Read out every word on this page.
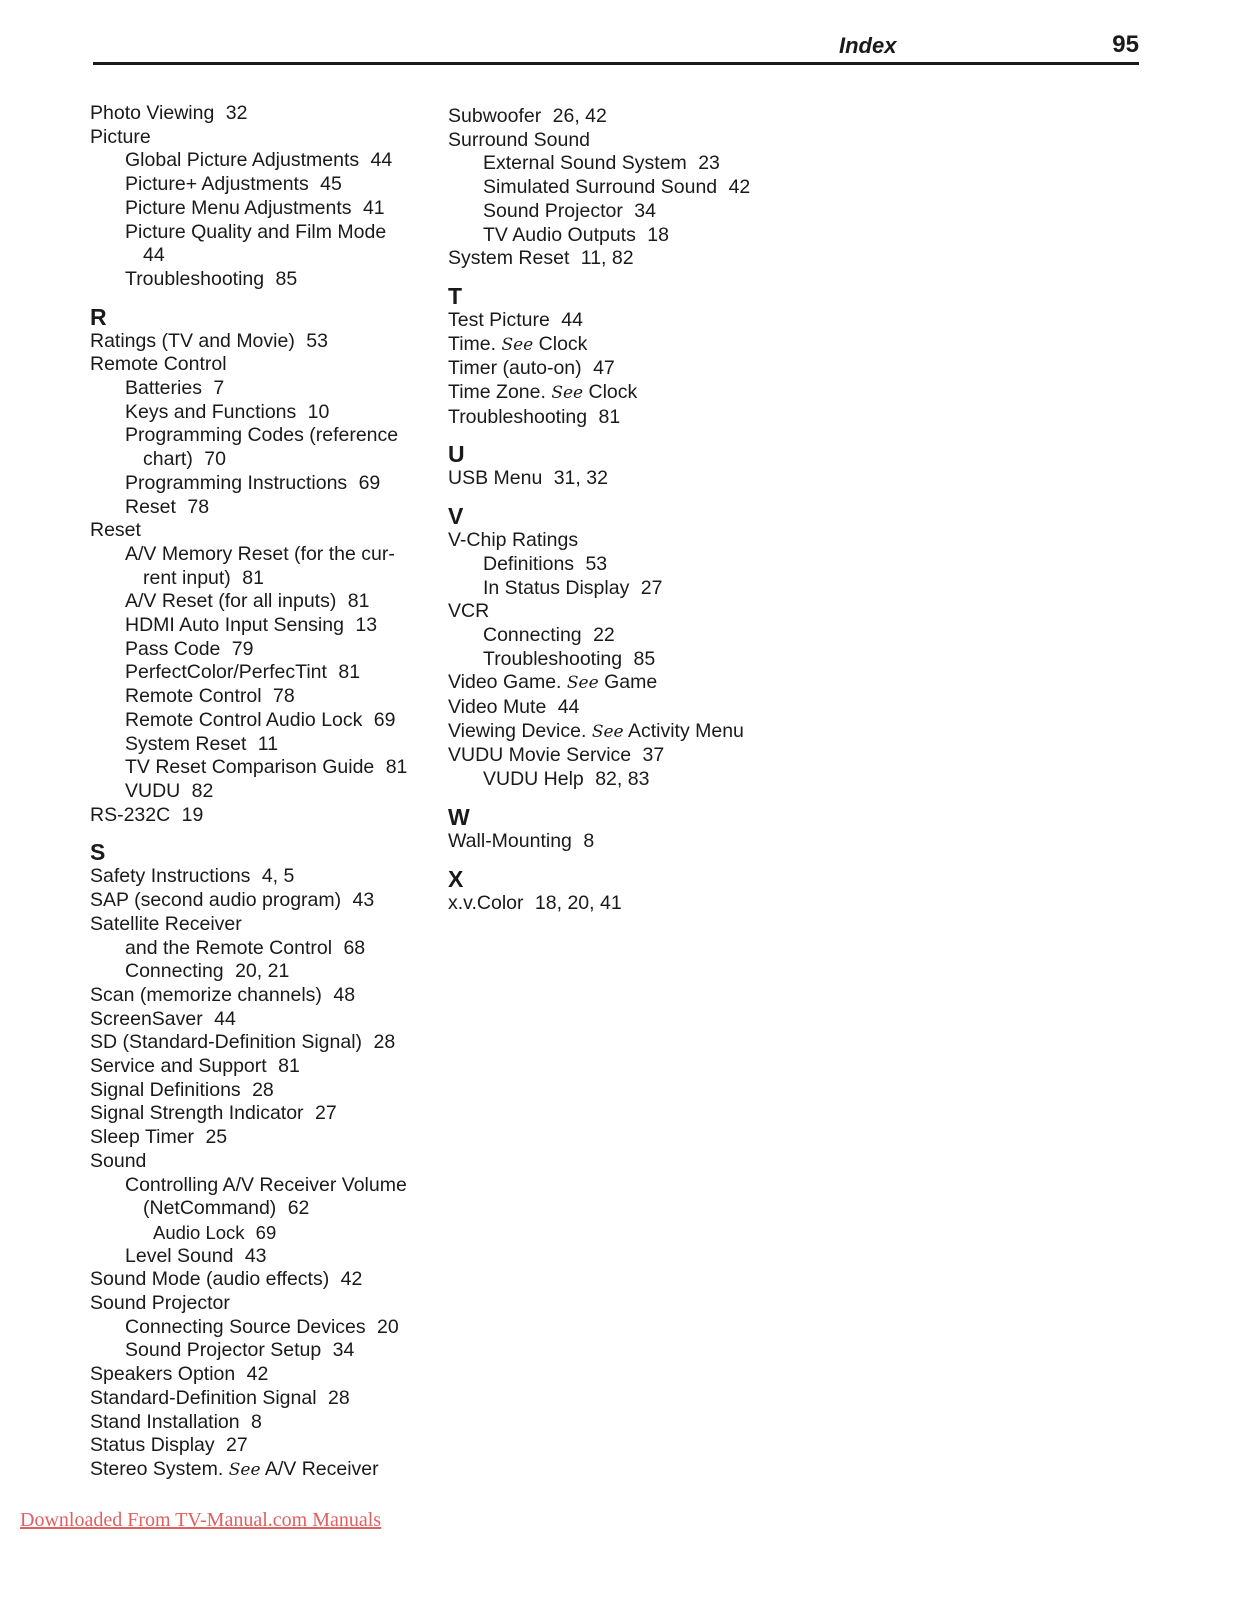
Index	95
Photo Viewing 32
Picture
Global Picture Adjustments 44
Picture+ Adjustments 45
Picture Menu Adjustments 41
Picture Quality and Film Mode
44
Troubleshooting 85
R
Ratings (TV and Movie) 53
Remote Control
Batteries 7
Keys and Functions 10
Programming Codes (reference
chart) 70
Programming Instructions 69
Reset 78
Reset
A/V Memory Reset (for the cur-
rent input) 81
A/V Reset (for all inputs) 81
HDMI Auto Input Sensing 13
Pass Code 79
PerfectColor/PerfecTint 81
Remote Control 78
Remote Control Audio Lock 69
System Reset 11
TV Reset Comparison Guide 81
VUDU 82
RS-232C 19
S
Safety Instructions 4, 5
SAP (second audio program) 43
Satellite Receiver
and the Remote Control 68
Connecting 20, 21
Scan (memorize channels) 48
ScreenSaver 44
SD (Standard-Definition Signal) 28
Service and Support 81
Signal Definitions 28
Signal Strength Indicator 27
Sleep Timer 25
Sound
Controlling A/V Receiver Volume
(NetCommand) 62
Audio Lock 69
Level Sound 43
Sound Mode (audio effects) 42
Sound Projector
Connecting Source Devices 20
Sound Projector Setup 34
Speakers Option 42
Standard-Definition Signal 28
Stand Installation 8
Status Display 27
Stereo System. See A/V Receiver
Subwoofer 26, 42
Surround Sound
External Sound System 23
Simulated Surround Sound 42
Sound Projector 34
TV Audio Outputs 18
System Reset 11, 82
T
Test Picture 44
Time. See Clock
Timer (auto-on) 47
Time Zone. See Clock
Troubleshooting 81
U
USB Menu 31, 32
V
V-Chip Ratings
Definitions 53
In Status Display 27
VCR
Connecting 22
Troubleshooting 85
Video Game. See Game
Video Mute 44
Viewing Device. See Activity Menu
VUDU Movie Service 37
VUDU Help 82, 83
W
Wall-Mounting 8
X
x.v.Color 18, 20, 41
Downloaded From TV-Manual.com Manuals
